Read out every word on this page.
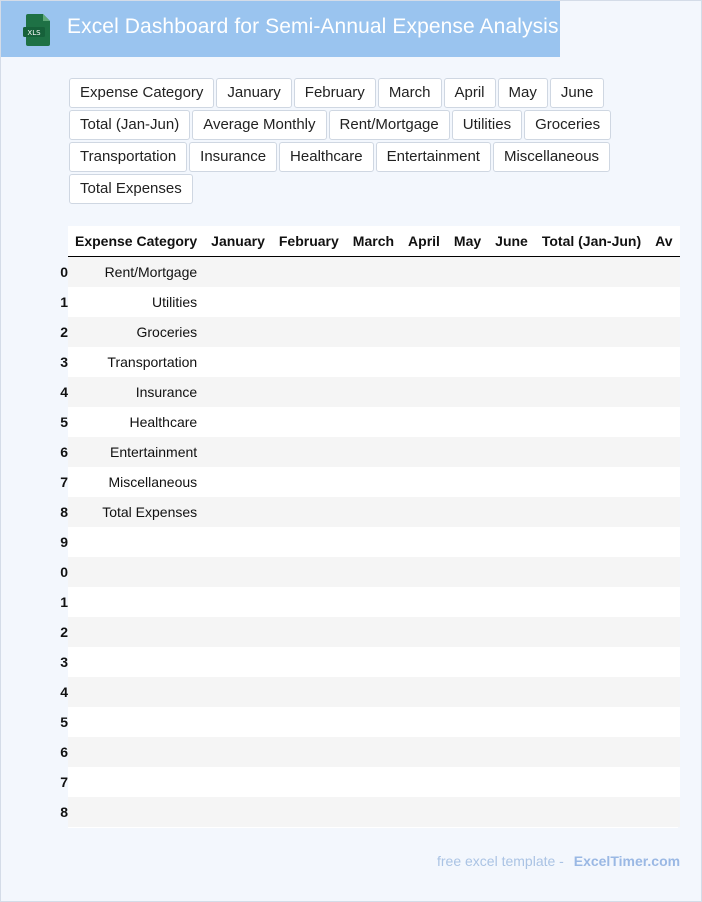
XLS Excel Dashboard for Semi-Annual Expense Analysis
Expense Category	January	February	March	April	May	June
Total (Jan-Jun)	Average Monthly	Rent/Mortgage	Utilities	Groceries
Transportation	Insurance	Healthcare	Entertainment	Miscellaneous
Total Expenses
	Expense Category	January	February	March	April	May	June	Total (Jan-Jun)	Av

0	Rent/Mortgage								

1	Utilities								

2	Groceries								

3	Transportation								

4	Insurance								

5	Healthcare								

6	Entertainment								

7	Miscellaneous								

8	Total Expenses								

9								

0								

1								

2								

3								

4								

5								

6								

7								

8								

free excel template - ExcelTimer.com
